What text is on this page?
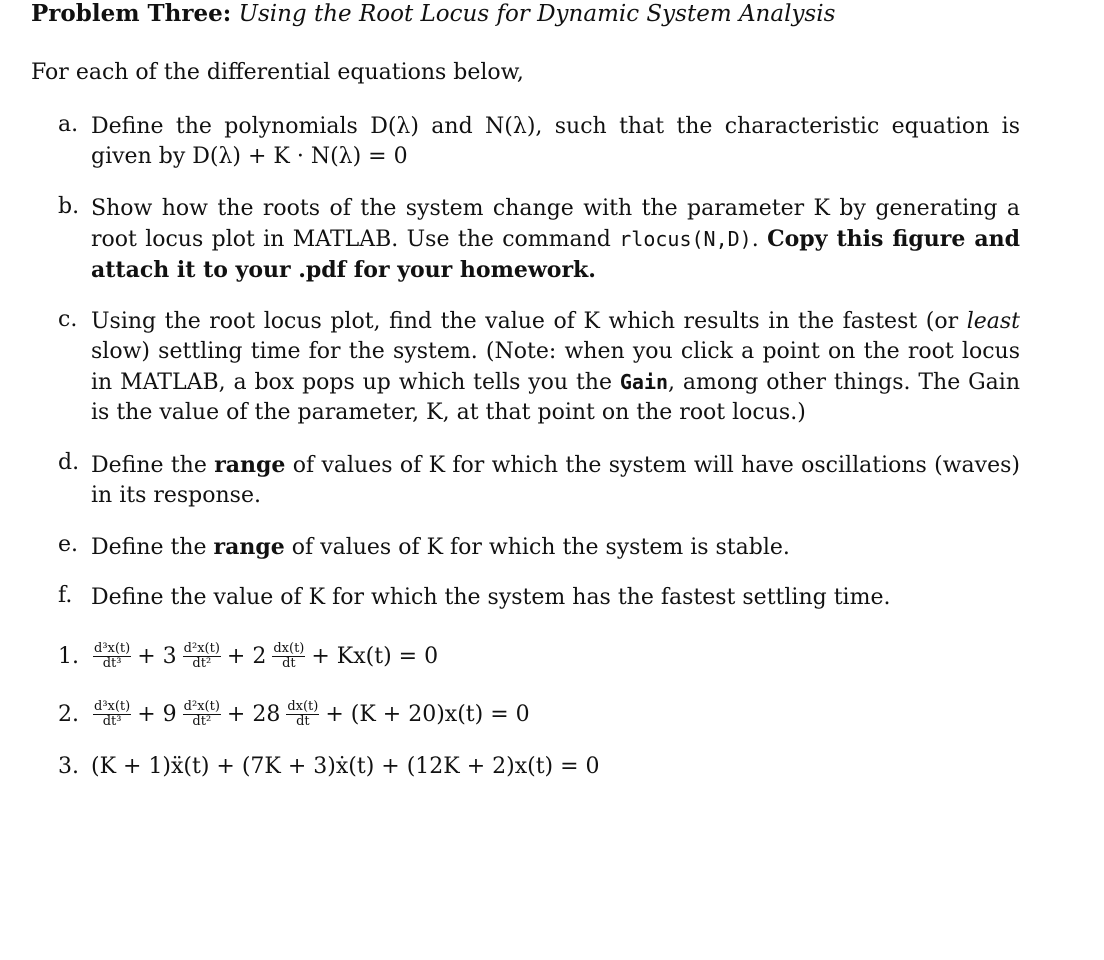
Problem Three: Using the Root Locus for Dynamic System Analysis
For each of the differential equations below,
a. Define the polynomials D(λ) and N(λ), such that the characteristic equation is given by D(λ) + K · N(λ) = 0
b. Show how the roots of the system change with the parameter K by generating a root locus plot in MATLAB. Use the command rlocus(N,D). Copy this figure and attach it to your .pdf for your homework.
c. Using the root locus plot, find the value of K which results in the fastest (or least slow) settling time for the system. (Note: when you click a point on the root locus in MATLAB, a box pops up which tells you the Gain, among other things. The Gain is the value of the parameter, K, at that point on the root locus.)
d. Define the range of values of K for which the system will have oscillations (waves) in its response.
e. Define the range of values of K for which the system is stable.
f. Define the value of K for which the system has the fastest settling time.
1.	$\frac{\text{d³x(t)}}{\text{dt³}} + 3 \frac{\text{d²x(t)}}{\text{dt²}} + 2 \frac{dx(t)}{dt} + Kx(t) = 0$
2.	$\frac{\text{d³x(t)}}{\text{dt³}} + 9 \frac{\text{d²x(t)}}{\text{dt²}} + 28 \frac{dx(t)}{dt} + (K + 20)x(t) = 0$
3. (K + 1)ẍ(t) + (7K + 3)ẋ(t) + (12K + 2)x(t) = 0
